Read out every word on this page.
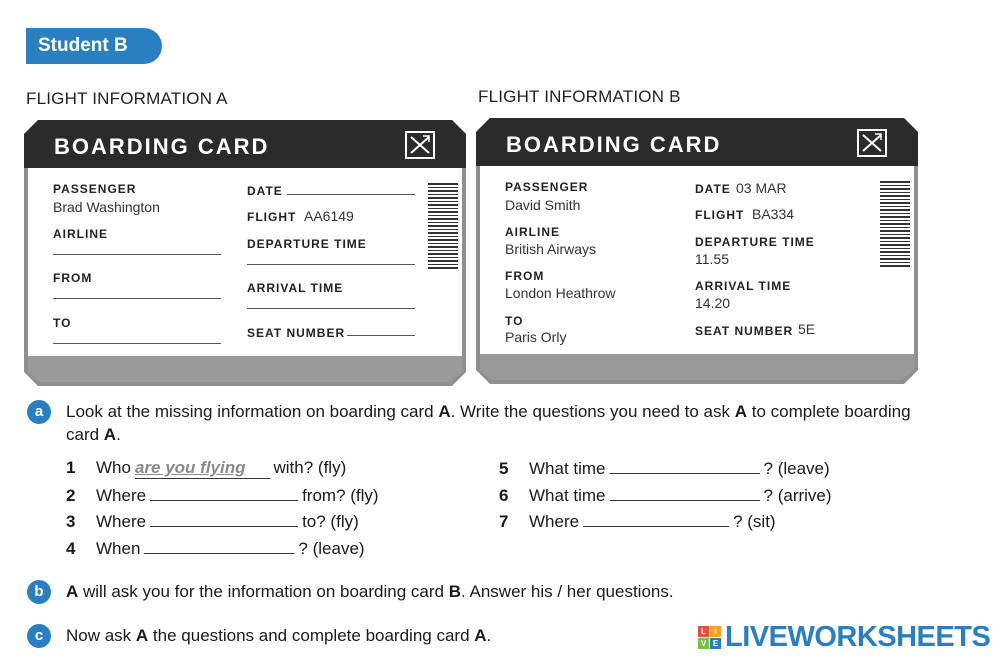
Student B
FLIGHT INFORMATION A	FLIGHT INFORMATION B
BOARDING CARD
PASSENGER
Brad Washington
AIRLINE
FROM
TO
DATE
FLIGHT AA6149
DEPARTURE TIME
ARRIVAL TIME
SEAT NUMBER
BOARDING CARD
PASSENGER
David Smith
AIRLINE
British Airways
FROM
London Heathrow
TO
Paris Orly
DATE 03 MAR
FLIGHT BA334
DEPARTURE TIME
11.55
ARRIVAL TIME
14.20
SEAT NUMBER 5E
a	Look at the missing information on boarding card A. Write the questions you need to ask A to complete boarding card A.
1 Who are you flying with? (fly)
2 Where	from? (fly)
3 Where	to? (fly)
4 When	? (leave)
5 What time	? (leave)
6 What time	? (arrive)
7 Where	? (sit)
b	A will ask you for the information on boarding card B. Answer his / her questions.
c	Now ask A the questions and complete boarding card A.	L	I
V E LIVEWORKSHEETS
